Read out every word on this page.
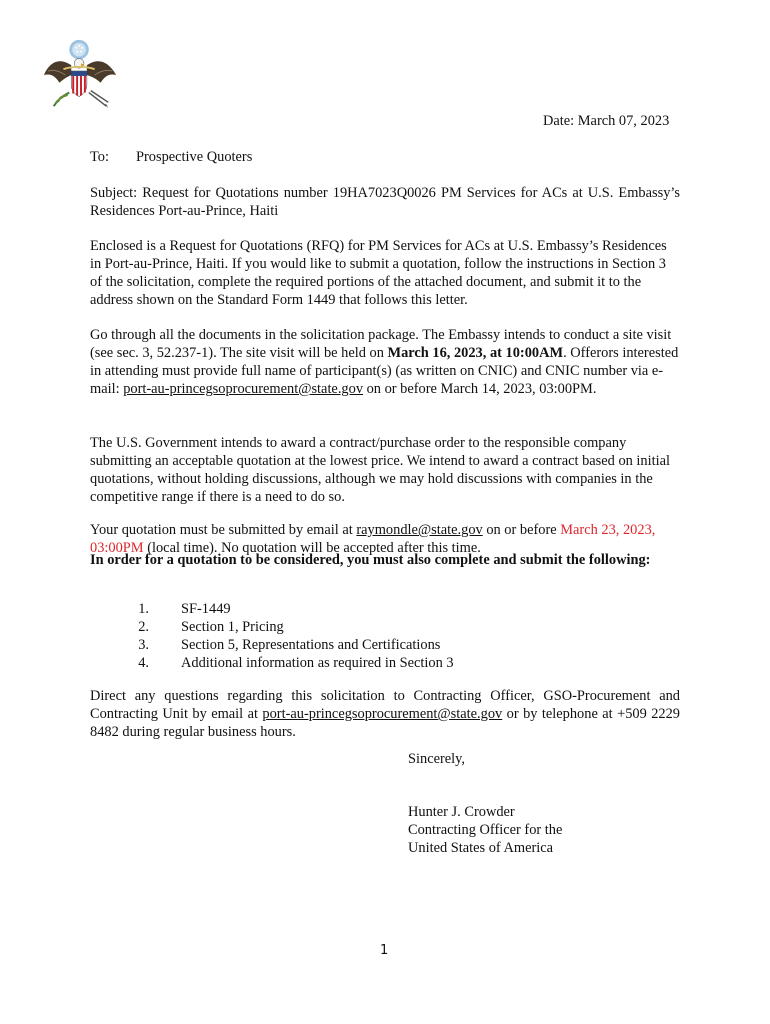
Date: March 07, 2023
To: Prospective Quoters

Subject: Request for Quotations number 19HA7023Q0026 PM Services for ACs at U.S. Embassy’s Residences Port-au-Prince, Haiti

Enclosed is a Request for Quotations (RFQ) for PM Services for ACs at U.S. Embassy’s Residences in Port-au-Prince, Haiti. If you would like to submit a quotation, follow the instructions in Section 3 of the solicitation, complete the required portions of the attached document, and submit it to the address shown on the Standard Form 1449 that follows this letter.

Go through all the documents in the solicitation package. The Embassy intends to conduct a site visit (see sec. 3, 52.237-1). The site visit will be held on March 16, 2023, at 10:00AM. Offerors interested in attending must provide full name of participant(s) (as written on CNIC) and CNIC number via e-mail: port-au-princegsoprocurement@state.gov on or before March 14, 2023, 03:00PM.

The U.S. Government intends to award a contract/purchase order to the responsible company submitting an acceptable quotation at the lowest price. We intend to award a contract based on initial quotations, without holding discussions, although we may hold discussions with companies in the competitive range if there is a need to do so.

Your quotation must be submitted by email at raymondle@state.gov on or before March 23, 2023, 03:00PM (local time). No quotation will be accepted after this time.

In order for a quotation to be considered, you must also complete and submit the following:

1. SF-1449
2. Section 1, Pricing
3. Section 5, Representations and Certifications
4. Additional information as required in Section 3

Direct any questions regarding this solicitation to Contracting Officer, GSO-Procurement and Contracting Unit by email at port-au-princegsoprocurement@state.gov or by telephone at +509 2229 8482 during regular business hours.

Sincerely,
Hunter J. Crowder
Contracting Officer for the
United States of America
1
